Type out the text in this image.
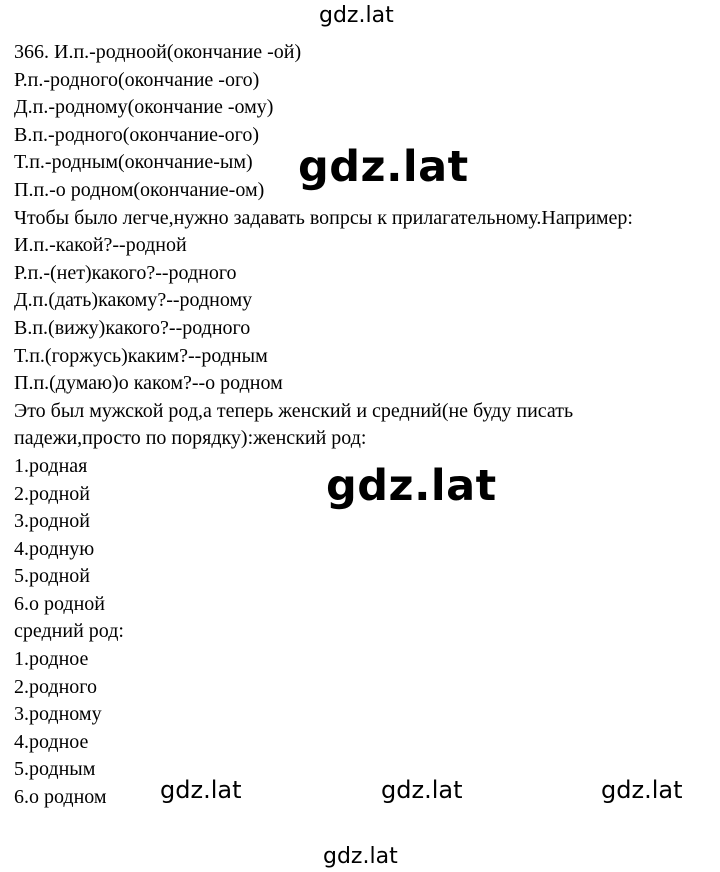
gdz.lat
366. И.п.-роднoой(окончание -ой)
Р.п.-родного(окончание -ого)
Д.п.-родному(окончание -ому)
В.п.-родного(окончание-ого)
Т.п.-родным(окончание-ым)
П.п.-о родном(окончание-ом)
Чтобы было легче,нужно задавать вопрсы к прилагательному.Например:
И.п.-какой?--родной
Р.п.-(нет)какого?--родного
Д.п.(дать)какому?--родному
В.п.(вижу)какого?--родного
Т.п.(горжусь)каким?--родным
П.п.(думаю)о каком?--о родном
Это был мужской род,а теперь женский и средний(не буду писать
падежи,просто по порядку):женский род:
1.родная
2.родной
3.родной
4.родную
5.родной
6.о родной
средний род:
1.родное
2.родного
3.родному
4.родное
5.родным
6.о родном
gdz.lat
gdz.lat
gdz.lat	gdz.lat	gdz.lat
gdz.lat
